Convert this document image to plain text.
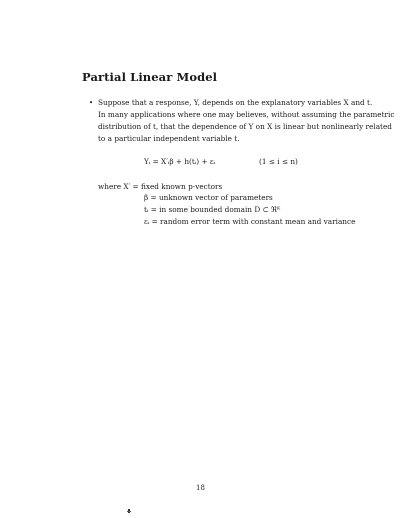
Partial Linear Model
• Suppose that a response, Y, depends on the explanatory variables X and t.
In many applications where one may believes, without assuming the parametric
distribution of t, that the dependence of Y on X is linear but nonlinearly related
to a particular independent variable t.
Yᵢ = X′ᵢβ + h(tᵢ) + εᵢ	(1 ≤ i ≤ n)
where X′ = fixed known p-vectors
β = unknown vector of parameters
tᵢ = in some bounded domain D ⊂ ℜᴷ
εᵢ = random error term with constant mean and variance
18
